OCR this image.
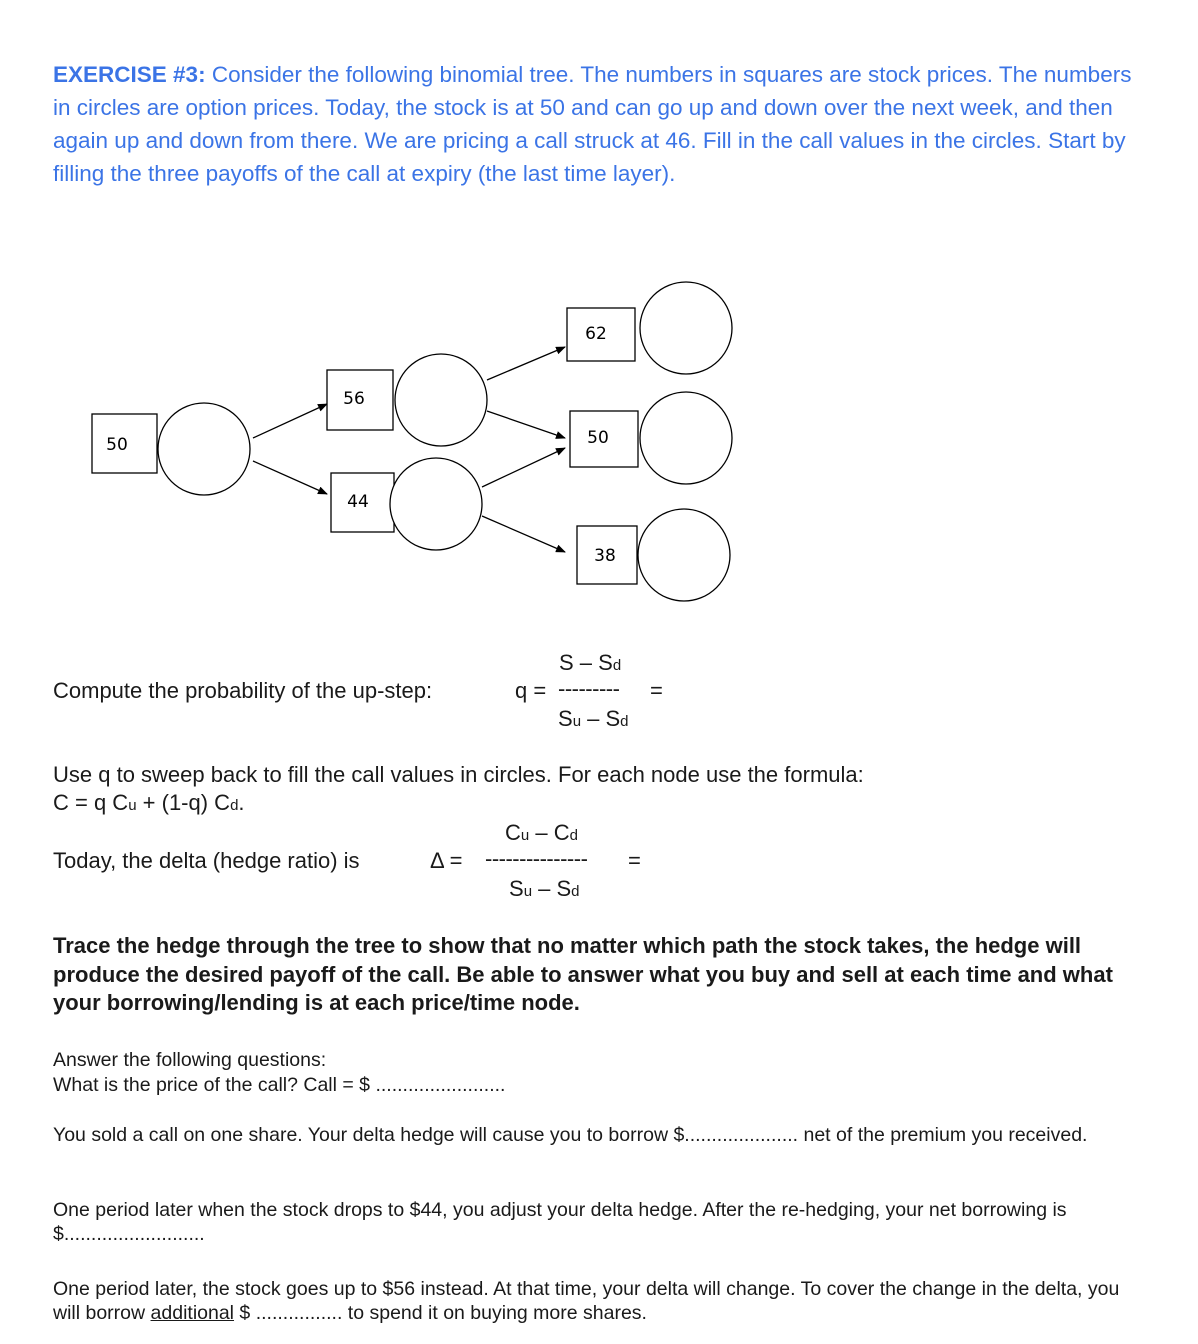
EXERCISE #3: Consider the following binomial tree. The numbers in squares are stock prices. The numbers in circles are option prices. Today, the stock is at 50 and can go up and down over the next week, and then again up and down from there. We are pricing a call struck at 46. Fill in the call values in the circles. Start by filling the three payoffs of the call at expiry (the last time layer).
50
56
44
62
50
38
Compute the probability of the up-step:	q =
S – Sd
--------- =
Su – Sd
Use q to sweep back to fill the call values in circles. For each node use the formula:
C = q Cu + (1-q) Cd.
Cu – Cd
Today, the delta (hedge ratio) is	Δ = --------------- =
Su – Sd
Trace the hedge through the tree to show that no matter which path the stock takes, the hedge will produce the desired payoff of the call. Be able to answer what you buy and sell at each time and what your borrowing/lending is at each price/time node.
Answer the following questions:
What is the price of the call? Call = $ ........................
You sold a call on one share. Your delta hedge will cause you to borrow $..................... net of the premium you received.
One period later when the stock drops to $44, you adjust your delta hedge. After the re-hedging, your net borrowing is $..........................
One period later, the stock goes up to $56 instead. At that time, your delta will change. To cover the change in the delta, you will borrow additional $ ................ to spend it on buying more shares.
